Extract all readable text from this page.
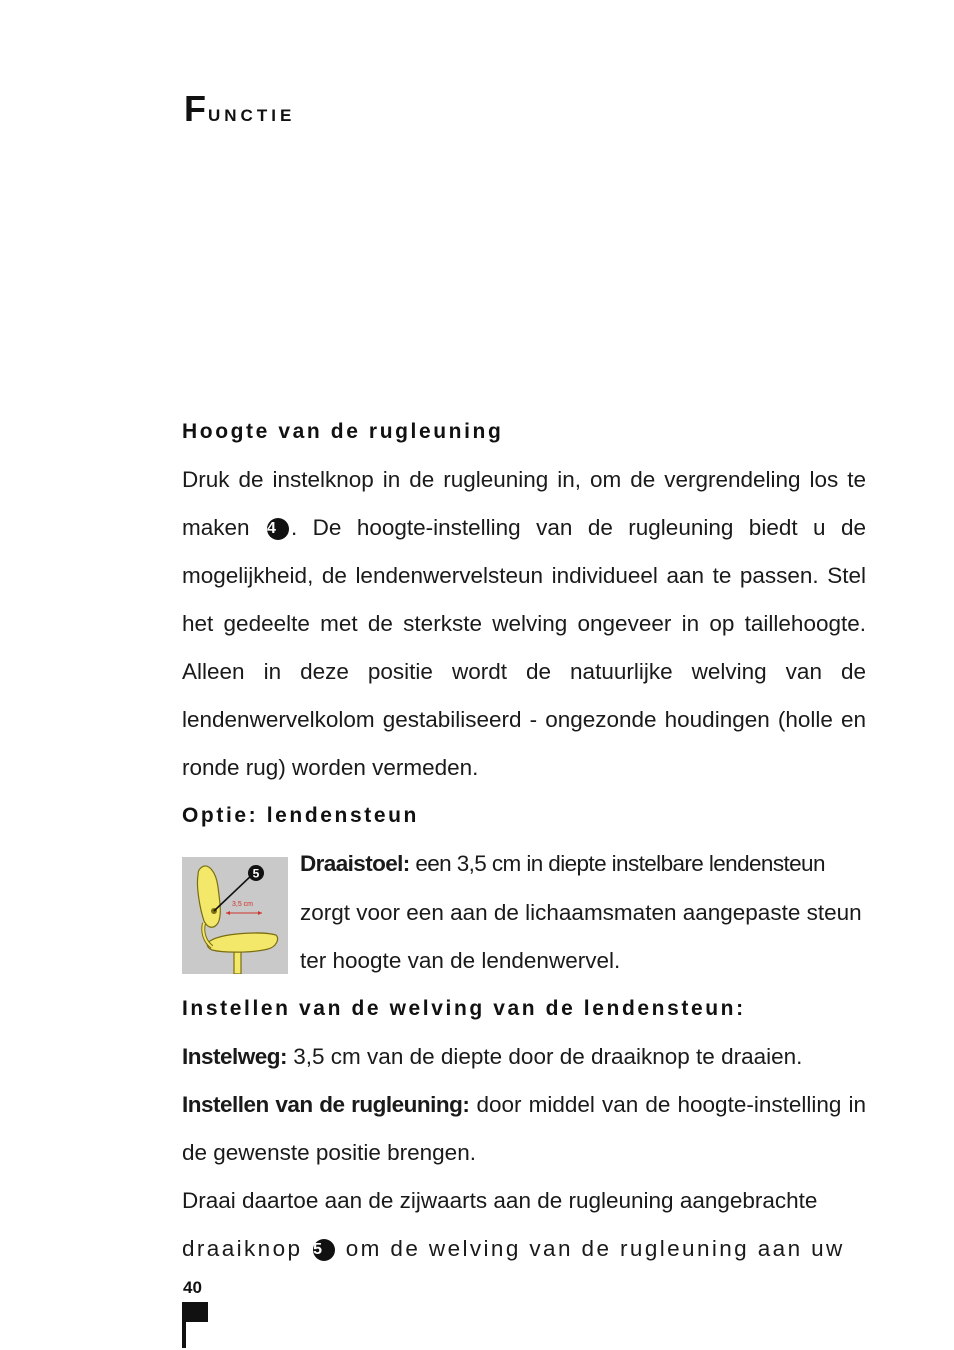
Functie
Hoogte van de rugleuning
Druk de instelknop in de rugleuning in, om de vergrendeling los te maken 4 . De hoogte-instelling van de rugleuning biedt u de mogelijkheid, de lendenwervelsteun individueel aan te passen. Stel het gedeelte met de sterkste welving ongeveer in op taillehoogte. Alleen in deze positie wordt de natuurlijke welving van de lendenwervelkolom gestabiliseerd - ongezonde houdingen (holle en ronde rug) worden vermeden.
Optie: lendensteun
5
3,5 cm
Draaistoel: een 3,5 cm in diepte instelbare lendensteun
zorgt voor een aan de lichaamsmaten aangepaste steun ter hoogte van de lendenwervel.
Instellen van de welving van de lendensteun:
Instelweg: 3,5 cm van de diepte door de draaiknop te draaien.
Instellen van de rugleuning: door middel van de hoogte-instelling in de gewenste positie brengen.
Draai daartoe aan de zijwaarts aan de rugleuning aangebrachte
draaiknop 5 om de welving van de rugleuning aan uw
40
